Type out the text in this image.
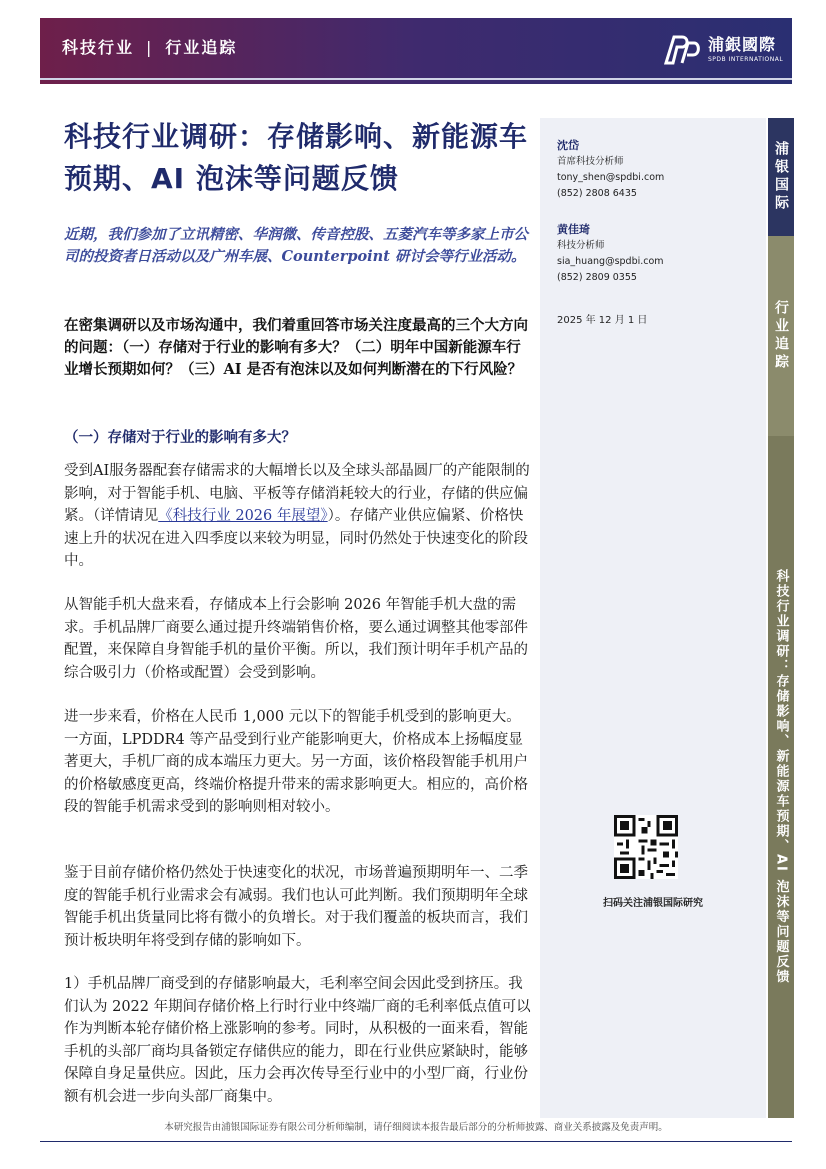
科技行业 | 行业追踪	浦銀國際
SPDB INTERNATIONAL
沈岱
首席科技分析师
tony_shen@spdbi.com
(852) 2808 6435
黄佳琦
科技分析师
sia_huang@spdbi.com
(852) 2809 0355
2025 年 12 月 1 日
扫码关注浦银国际研究
浦银国际
行业追踪
科技行业调研：存储影响、新能源车预期、AI 泡沫等问题反馈
科技行业调研：存储影响、新能源车预期、AI 泡沫等问题反馈

近期，我们参加了立讯精密、华润微、传音控股、五菱汽车等多家上市公司的投资者日活动以及广州车展、Counterpoint 研讨会等行业活动。

在密集调研以及市场沟通中，我们着重回答市场关注度最高的三个大方向的问题：（一）存储对于行业的影响有多大？（二）明年中国新能源车行业增长预期如何？（三）AI 是否有泡沫以及如何判断潜在的下行风险？

（一）存储对于行业的影响有多大？

受到AI服务器配套存储需求的大幅增长以及全球头部晶圆厂的产能限制的影响，对于智能手机、电脑、平板等存储消耗较大的行业，存储的供应偏紧。（详情请见《科技行业 2026 年展望》）。存储产业供应偏紧、价格快速上升的状况在进入四季度以来较为明显，同时仍然处于快速变化的阶段中。

从智能手机大盘来看，存储成本上行会影响 2026 年智能手机大盘的需求。手机品牌厂商要么通过提升终端销售价格，要么通过调整其他零部件配置，来保障自身智能手机的量价平衡。所以，我们预计明年手机产品的综合吸引力（价格或配置）会受到影响。

进一步来看，价格在人民币 1,000 元以下的智能手机受到的影响更大。一方面，LPDDR4 等产品受到行业产能影响更大，价格成本上扬幅度显著更大，手机厂商的成本端压力更大。另一方面，该价格段智能手机用户的价格敏感度更高，终端价格提升带来的需求影响更大。相应的，高价格段的智能手机需求受到的影响则相对较小。

鉴于目前存储价格仍然处于快速变化的状况，市场普遍预期明年一、二季度的智能手机行业需求会有减弱。我们也认可此判断。我们预期明年全球智能手机出货量同比将有微小的负增长。对于我们覆盖的板块而言，我们预计板块明年将受到存储的影响如下。

1）手机品牌厂商受到的存储影响最大，毛利率空间会因此受到挤压。我们认为 2022 年期间存储价格上行时行业中终端厂商的毛利率低点值可以作为判断本轮存储价格上涨影响的参考。同时，从积极的一面来看，智能手机的头部厂商均具备锁定存储供应的能力，即在行业供应紧缺时，能够保障自身足量供应。因此，压力会再次传导至行业中的小型厂商，行业份额有机会进一步向头部厂商集中。

本研究报告由浦银国际证券有限公司分析师编制，请仔细阅读本报告最后部分的分析师披露、商业关系披露及免责声明。
